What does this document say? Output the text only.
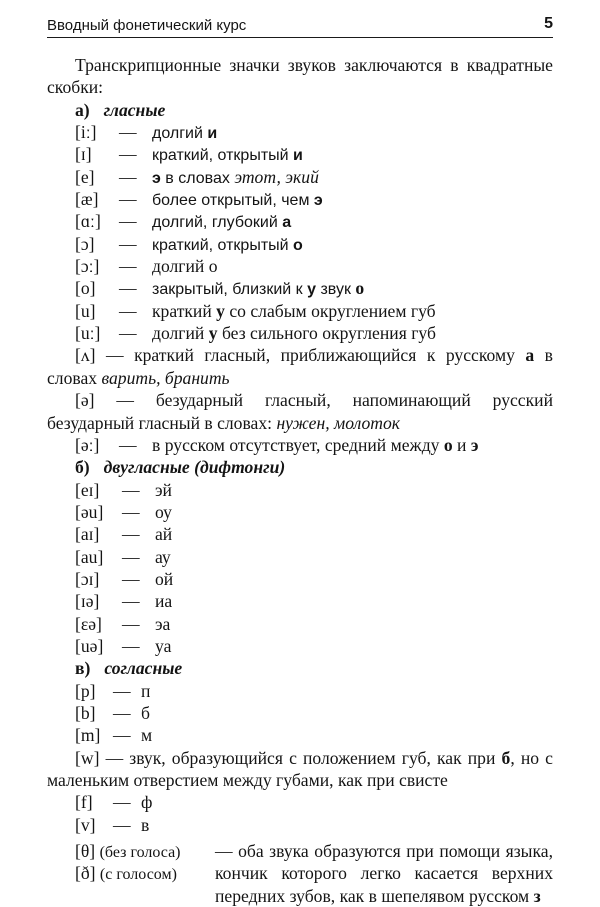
Вводный фонетический курс	5

Транскрипционные значки звуков заключаются в квадратные скобки:

а) гласные
[iː] — долгий и
[ɪ] — краткий, открытый и
[e] — э в словах этот, экий
[æ] — более открытый, чем э
[ɑː] — долгий, глубокий а
[ɔ] — краткий, открытый о
[ɔː] — долгий о
[o] — закрытый, близкий к у звук о
[u] — краткий у со слабым округлением губ
[uː] — долгий у без сильного округления губ

[ʌ] — краткий гласный, приближающийся к русскому а в словах варить, бранить

[ə] — безударный гласный, напоминающий русский безударный гласный в словах: нужен, молоток

[əː] — в русском отсутствует, средний между о и э
б) двугласные (дифтонги)
[eɪ] — эй
[əu] — оу
[aɪ] — ай
[au] — ау
[ɔɪ] — ой
[ɪə] — иа
[ɛə] — эа
[uə] — уа
в) согласные
[p] — п
[b] — б
[m] — м

[w] — звук, образующийся с положением губ, как при б, но с маленьким отверстием между губами, как при свисте

[f] — ф
[v] — в
[θ] (без голоса)
[ð] (с голосом)
— оба звука образуются при помощи языка, кончик которого легко касается верхних передних зубов, как в шепелявом русском з
